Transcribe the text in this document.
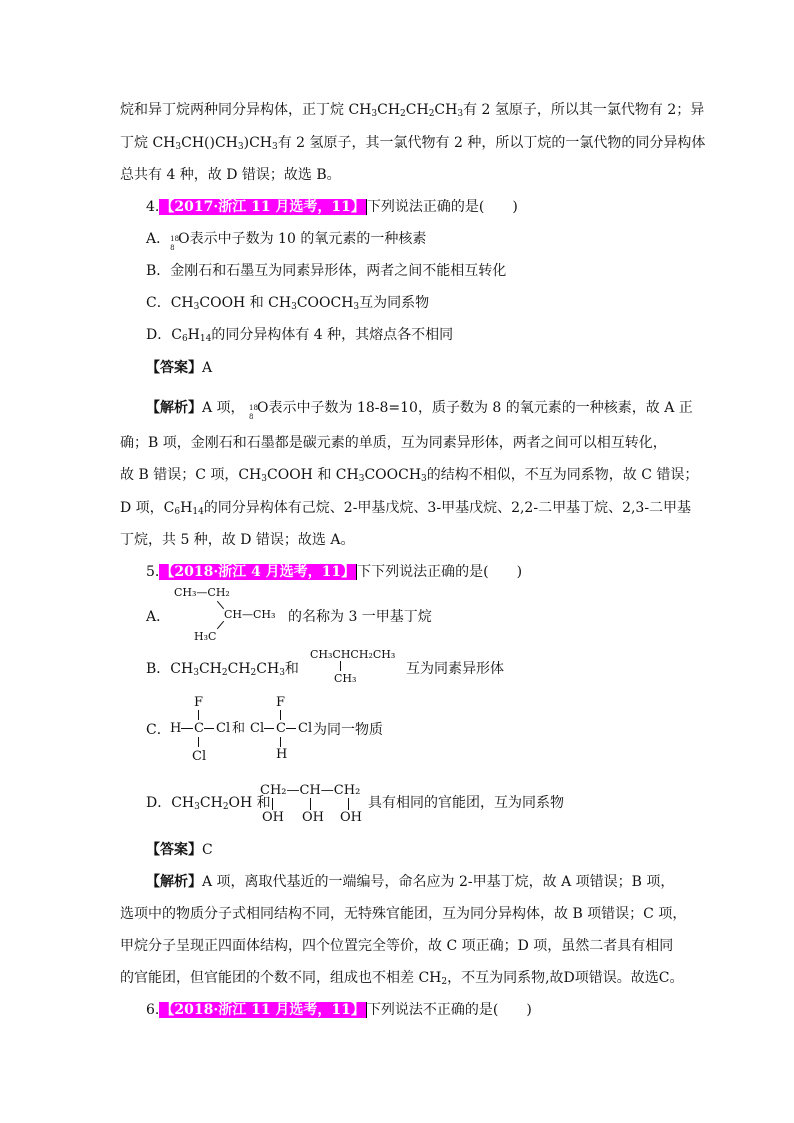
烷和异丁烷两种同分异构体，正丁烷 $CH_3CH_2CH_2CH_3$有 2 氢原子，所以其一氯代物有 2；异
丁烷 $CH_3CH()CH_3)CH_3$有 2 氢原子，其一氯代物有 2 种，所以丁烷的一氯代物的同分异构体
总共有 4 种，故 D 错误；故选 B。
4.【2017·浙江 11 月选考，11】 下列说法正确的是(　　)
A． 18
8
O表示中子数为 10 的氧元素的一种核素
B．金刚石和石墨互为同素异形体，两者之间不能相互转化
C．$CH_3COOH$ 和 $CH_3COOCH_3$互为同系物
D．$C_6H_{14}$的同分异构体有 4 种，其熔点各不相同
【答案】A
【解析】A 项， 18
8
O表示中子数为 18-8=10，质子数为 8 的氧元素的一种核素，故 A 正
确；B 项，金刚石和石墨都是碳元素的单质，互为同素异形体，两者之间可以相互转化，
故 B 错误；C 项，$CH_3COOH$ 和 $CH_3COOCH_3$的结构不相似，不互为同系物，故 C 错误；
D 项，$C_6H_{14}$的同分异构体有己烷、2-甲基戊烷、3-甲基戊烷、2,2-二甲基丁烷、2,3-二甲基
丁烷，共 5 种，故 D 错误；故选 A。
5.【2018·浙江 4 月选考，11】 下下列说法正确的是(　　)
A．
CH₃—CH₂
CH—CH₃
H₃C
的名称为 3 一甲基丁烷
B．$CH_3CH_2CH_2CH_3$和
CH₃CHCH₂CH₃
CH₃
互为同素异形体
C．
F
H C Cl 和
Cl
F
Cl C Cl
H
为同一物质
D．$CH_3CH_2OH$ 和
CH₂—CH—CH₂
OH OH OH
具有相同的官能团，互为同系物
【答案】C
【解析】A 项，离取代基近的一端编号，命名应为 2-甲基丁烷，故 A 项错误；B 项，
选项中的物质分子式相同结构不同，无特殊官能团，互为同分异构体，故 B 项错误；C 项，
甲烷分子呈现正四面体结构，四个位置完全等价，故 C 项正确；D 项，虽然二者具有相同
的官能团，但官能团的个数不同，组成也不相差 $CH_2$，不互为同系物,故D项错误。故选C。
6.【2018·浙江 11 月选考，11】 下列说法不正确的是(　　)
